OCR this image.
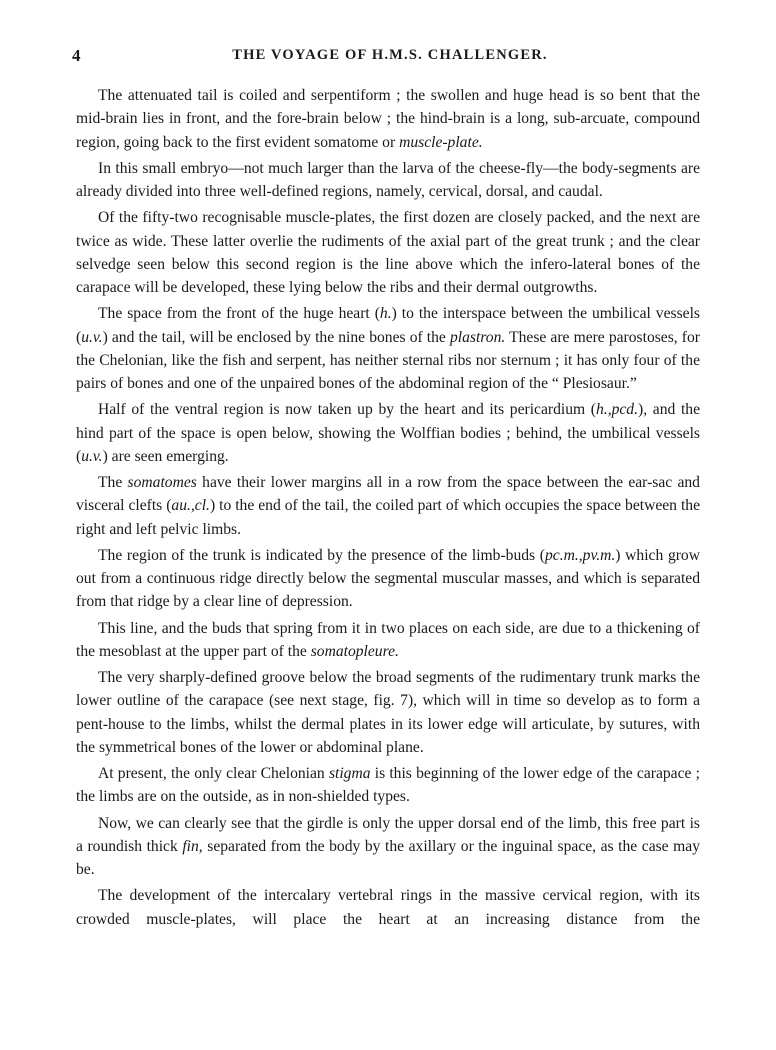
4	THE VOYAGE OF H.M.S. CHALLENGER.

The attenuated tail is coiled and serpentiform ; the swollen and huge head is so bent that the mid-brain lies in front, and the fore-brain below ; the hind-brain is a long, sub-arcuate, compound region, going back to the first evident somatome or muscle-plate.

In this small embryo—not much larger than the larva of the cheese-fly—the body-segments are already divided into three well-defined regions, namely, cervical, dorsal, and caudal.

Of the fifty-two recognisable muscle-plates, the first dozen are closely packed, and the next are twice as wide. These latter overlie the rudiments of the axial part of the great trunk ; and the clear selvedge seen below this second region is the line above which the infero-lateral bones of the carapace will be developed, these lying below the ribs and their dermal outgrowths.

The space from the front of the huge heart (h.) to the interspace between the umbilical vessels (u.v.) and the tail, will be enclosed by the nine bones of the plastron. These are mere parostoses, for the Chelonian, like the fish and serpent, has neither sternal ribs nor sternum ; it has only four of the pairs of bones and one of the unpaired bones of the abdominal region of the “ Plesiosaur.”

Half of the ventral region is now taken up by the heart and its pericardium (h.,pcd.), and the hind part of the space is open below, showing the Wolffian bodies ; behind, the umbilical vessels (u.v.) are seen emerging.

The somatomes have their lower margins all in a row from the space between the ear-sac and visceral clefts (au.,cl.) to the end of the tail, the coiled part of which occupies the space between the right and left pelvic limbs.

The region of the trunk is indicated by the presence of the limb-buds (pc.m.,pv.m.) which grow out from a continuous ridge directly below the segmental muscular masses, and which is separated from that ridge by a clear line of depression.

This line, and the buds that spring from it in two places on each side, are due to a thickening of the mesoblast at the upper part of the somatopleure.

The very sharply-defined groove below the broad segments of the rudimentary trunk marks the lower outline of the carapace (see next stage, fig. 7), which will in time so develop as to form a pent-house to the limbs, whilst the dermal plates in its lower edge will articulate, by sutures, with the symmetrical bones of the lower or abdominal plane.

At present, the only clear Chelonian stigma is this beginning of the lower edge of the carapace ; the limbs are on the outside, as in non-shielded types.

Now, we can clearly see that the girdle is only the upper dorsal end of the limb, this free part is a roundish thick fin, separated from the body by the axillary or the inguinal space, as the case may be.

The development of the intercalary vertebral rings in the massive cervical region, with its crowded muscle-plates, will place the heart at an increasing distance from the
